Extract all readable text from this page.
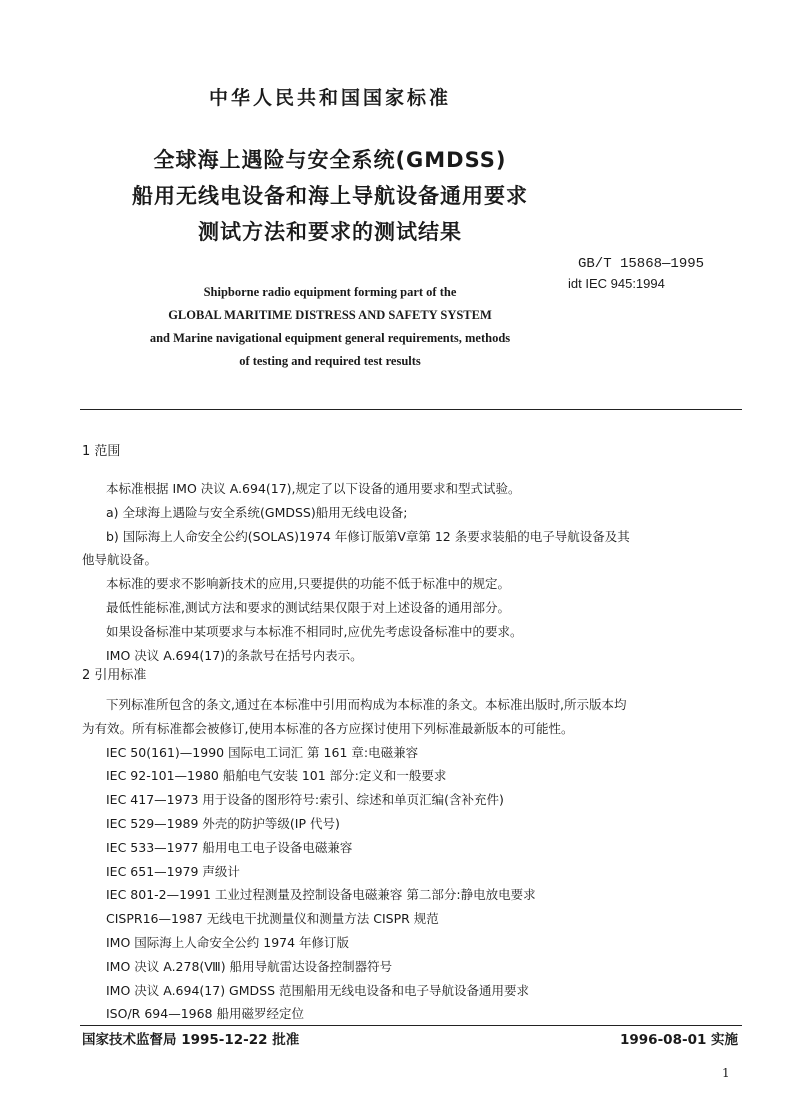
中华人民共和国国家标准
全球海上遇险与安全系统(GMDSS)
船用无线电设备和海上导航设备通用要求
测试方法和要求的测试结果
GB/T 15868—1995
idt IEC 945:1994
Shipborne radio equipment forming part of the
GLOBAL MARITIME DISTRESS AND SAFETY SYSTEM
and Marine navigational equipment general requirements, methods
of testing and required test results
1 范围
本标准根据 IMO 决议 A.694(17),规定了以下设备的通用要求和型式试验。
a) 全球海上遇险与安全系统(GMDSS)船用无线电设备;
b) 国际海上人命安全公约(SOLAS)1974 年修订版第Ⅴ章第 12 条要求装船的电子导航设备及其
他导航设备。
本标准的要求不影响新技术的应用,只要提供的功能不低于标准中的规定。
最低性能标准,测试方法和要求的测试结果仅限于对上述设备的通用部分。
如果设备标准中某项要求与本标准不相同时,应优先考虑设备标准中的要求。
IMO 决议 A.694(17)的条款号在括号内表示。
2 引用标准
下列标准所包含的条文,通过在本标准中引用而构成为本标准的条文。本标准出版时,所示版本均
为有效。所有标准都会被修订,使用本标准的各方应探讨使用下列标准最新版本的可能性。
IEC 50(161)—1990 国际电工词汇 第 161 章:电磁兼容
IEC 92-101—1980 船舶电气安装 101 部分:定义和一般要求
IEC 417—1973 用于设备的图形符号:索引、综述和单页汇编(含补充件)
IEC 529—1989 外壳的防护等级(IP 代号)
IEC 533—1977 船用电工电子设备电磁兼容
IEC 651—1979 声级计
IEC 801-2—1991 工业过程测量及控制设备电磁兼容 第二部分:静电放电要求
CISPR16—1987 无线电干扰测量仪和测量方法 CISPR 规范
IMO 国际海上人命安全公约 1974 年修订版
IMO 决议 A.278(Ⅷ) 船用导航雷达设备控制器符号
IMO 决议 A.694(17) GMDSS 范围船用无线电设备和电子导航设备通用要求
ISO/R 694—1968 船用磁罗经定位
国家技术监督局 1995-12-22 批准	1996-08-01 实施
1
